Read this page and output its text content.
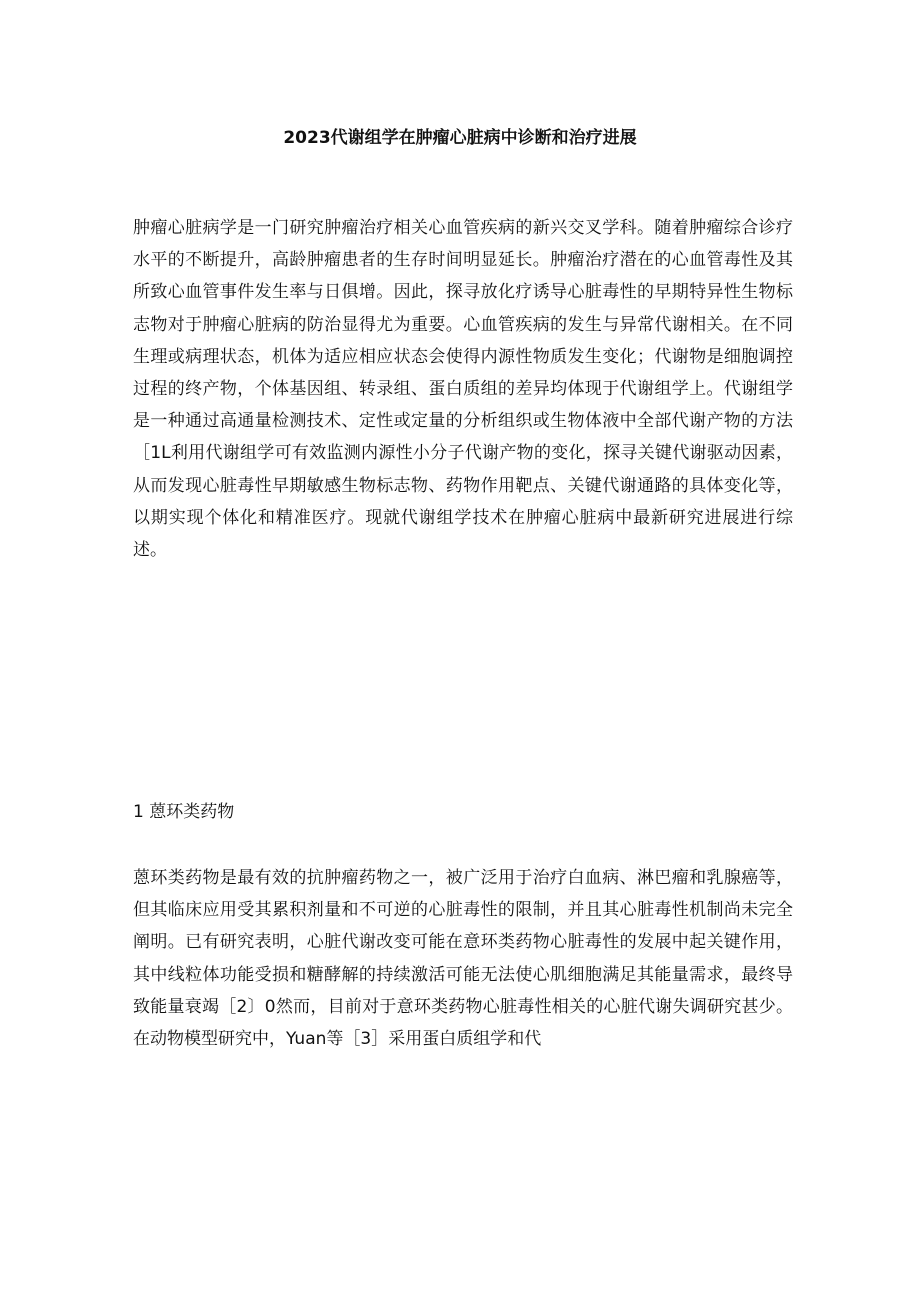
2023代谢组学在肿瘤心脏病中诊断和治疗进展

肿瘤心脏病学是一门研究肿瘤治疗相关心血管疾病的新兴交叉学科。随着肿瘤综合诊疗水平的不断提升，高龄肿瘤患者的生存时间明显延长。肿瘤治疗潜在的心血管毒性及其所致心血管事件发生率与日俱增。因此，探寻放化疗诱导心脏毒性的早期特异性生物标志物对于肿瘤心脏病的防治显得尤为重要。心血管疾病的发生与异常代谢相关。在不同生理或病理状态，机体为适应相应状态会使得内源性物质发生变化；代谢物是细胞调控过程的终产物，个体基因组、转录组、蛋白质组的差异均体现于代谢组学上。代谢组学是一种通过高通量检测技术、定性或定量的分析组织或生物体液中全部代谢产物的方法［1L利用代谢组学可有效监测内源性小分子代谢产物的变化，探寻关键代谢驱动因素，从而发现心脏毒性早期敏感生物标志物、药物作用靶点、关键代谢通路的具体变化等，以期实现个体化和精准医疗。现就代谢组学技术在肿瘤心脏病中最新研究进展进行综述。

1 蒽环类药物

蒽环类药物是最有效的抗肿瘤药物之一，被广泛用于治疗白血病、淋巴瘤和乳腺癌等，但其临床应用受其累积剂量和不可逆的心脏毒性的限制，并且其心脏毒性机制尚未完全阐明。已有研究表明，心脏代谢改变可能在意环类药物心脏毒性的发展中起关键作用，其中线粒体功能受损和糖酵解的持续激活可能无法使心肌细胞满足其能量需求，最终导致能量衰竭［2〕0然而，目前对于意环类药物心脏毒性相关的心脏代谢失调研究甚少。在动物模型研究中，Yuan等［3］采用蛋白质组学和代
